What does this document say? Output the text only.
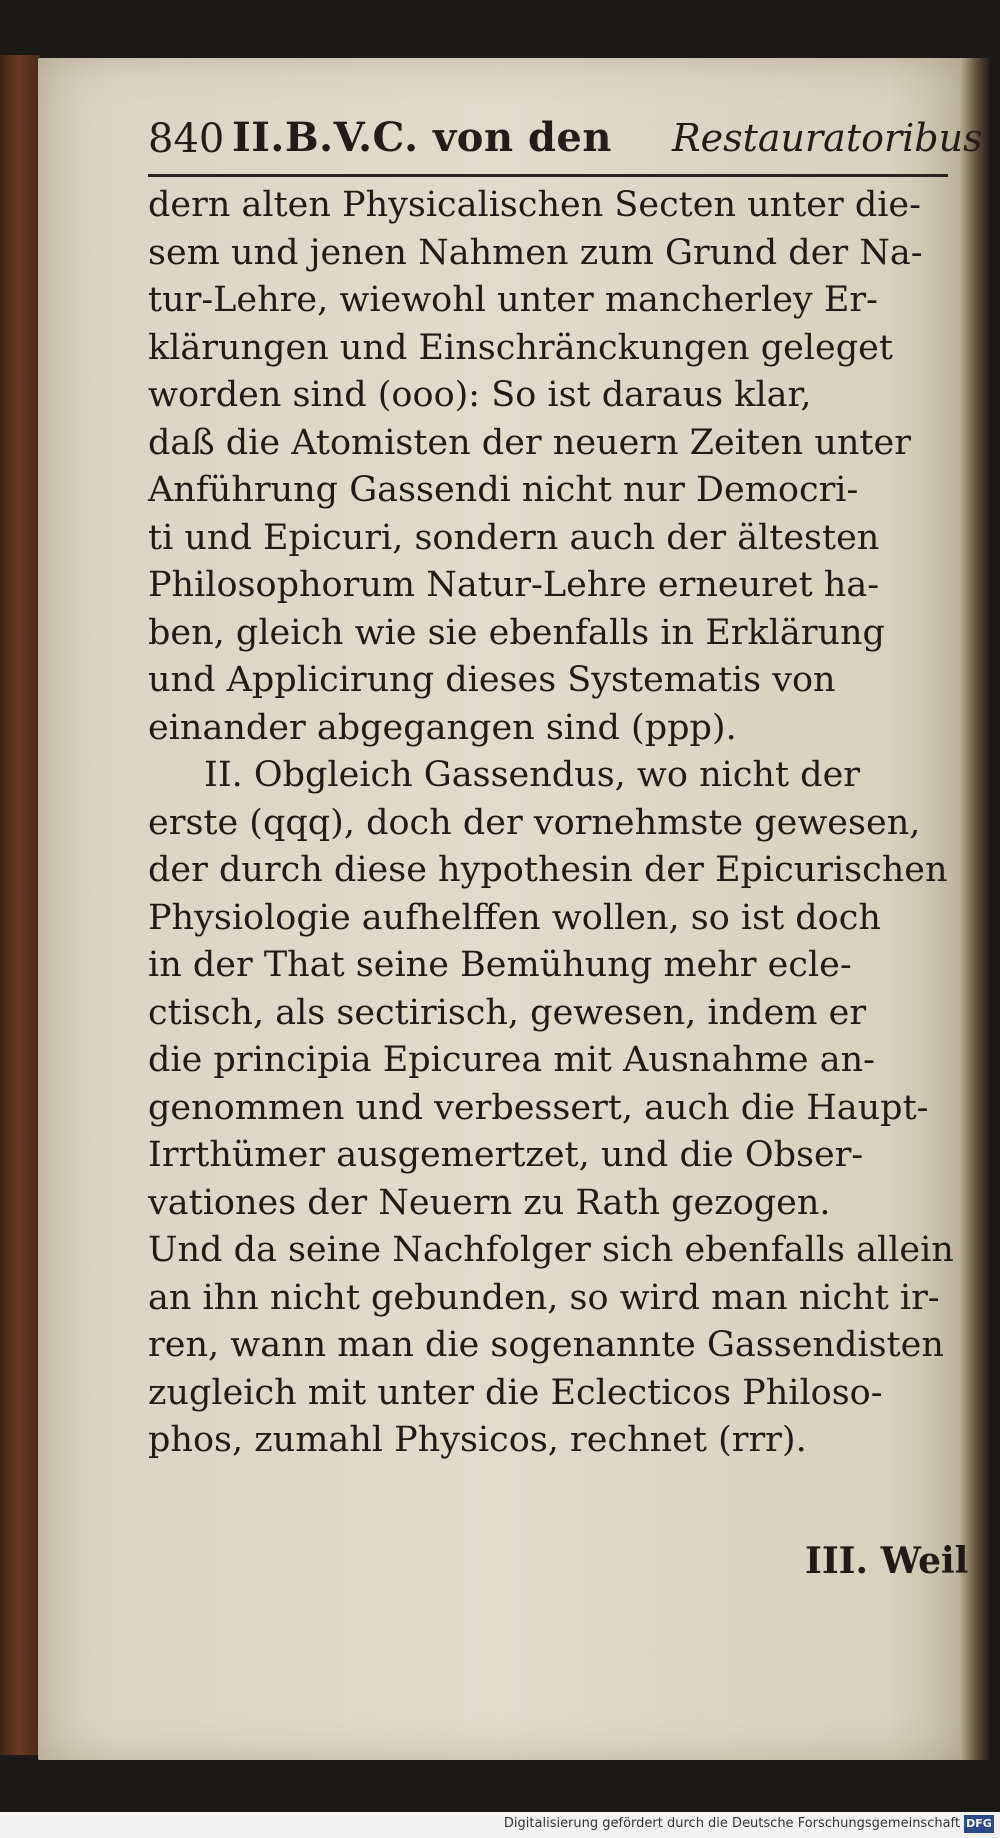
840 II.B.V.C. von den Restauratoribus
dern alten Physicalischen Secten unter die-
sem und jenen Nahmen zum Grund der Na-
tur-Lehre, wiewohl unter mancherley Er-
klärungen und Einschränckungen geleget
worden sind (ooo): So ist daraus klar,
daß die Atomisten der neuern Zeiten unter
Anführung Gassendi nicht nur Democri-
ti und Epicuri, sondern auch der ältesten
Philosophorum Natur-Lehre erneuret ha-
ben, gleich wie sie ebenfalls in Erklärung
und Applicirung dieses Systematis von
einander abgegangen sind (ppp).
II. Obgleich Gassendus, wo nicht der
erste (qqq), doch der vornehmste gewesen,
der durch diese hypothesin der Epicurischen
Physiologie aufhelffen wollen, so ist doch
in der That seine Bemühung mehr ecle-
ctisch, als sectirisch, gewesen, indem er
die principia Epicurea mit Ausnahme an-
genommen und verbessert, auch die Haupt-
Irrthümer ausgemertzet, und die Obser-
vationes der Neuern zu Rath gezogen.
Und da seine Nachfolger sich ebenfalls allein
an ihn nicht gebunden, so wird man nicht ir-
ren, wann man die sogenannte Gassendisten
zugleich mit unter die Eclecticos Philoso-
phos, zumahl Physicos, rechnet (rrr).
III. Weil
Digitalisierung gefördert durch die Deutsche Forschungsgemeinschaft DFG
